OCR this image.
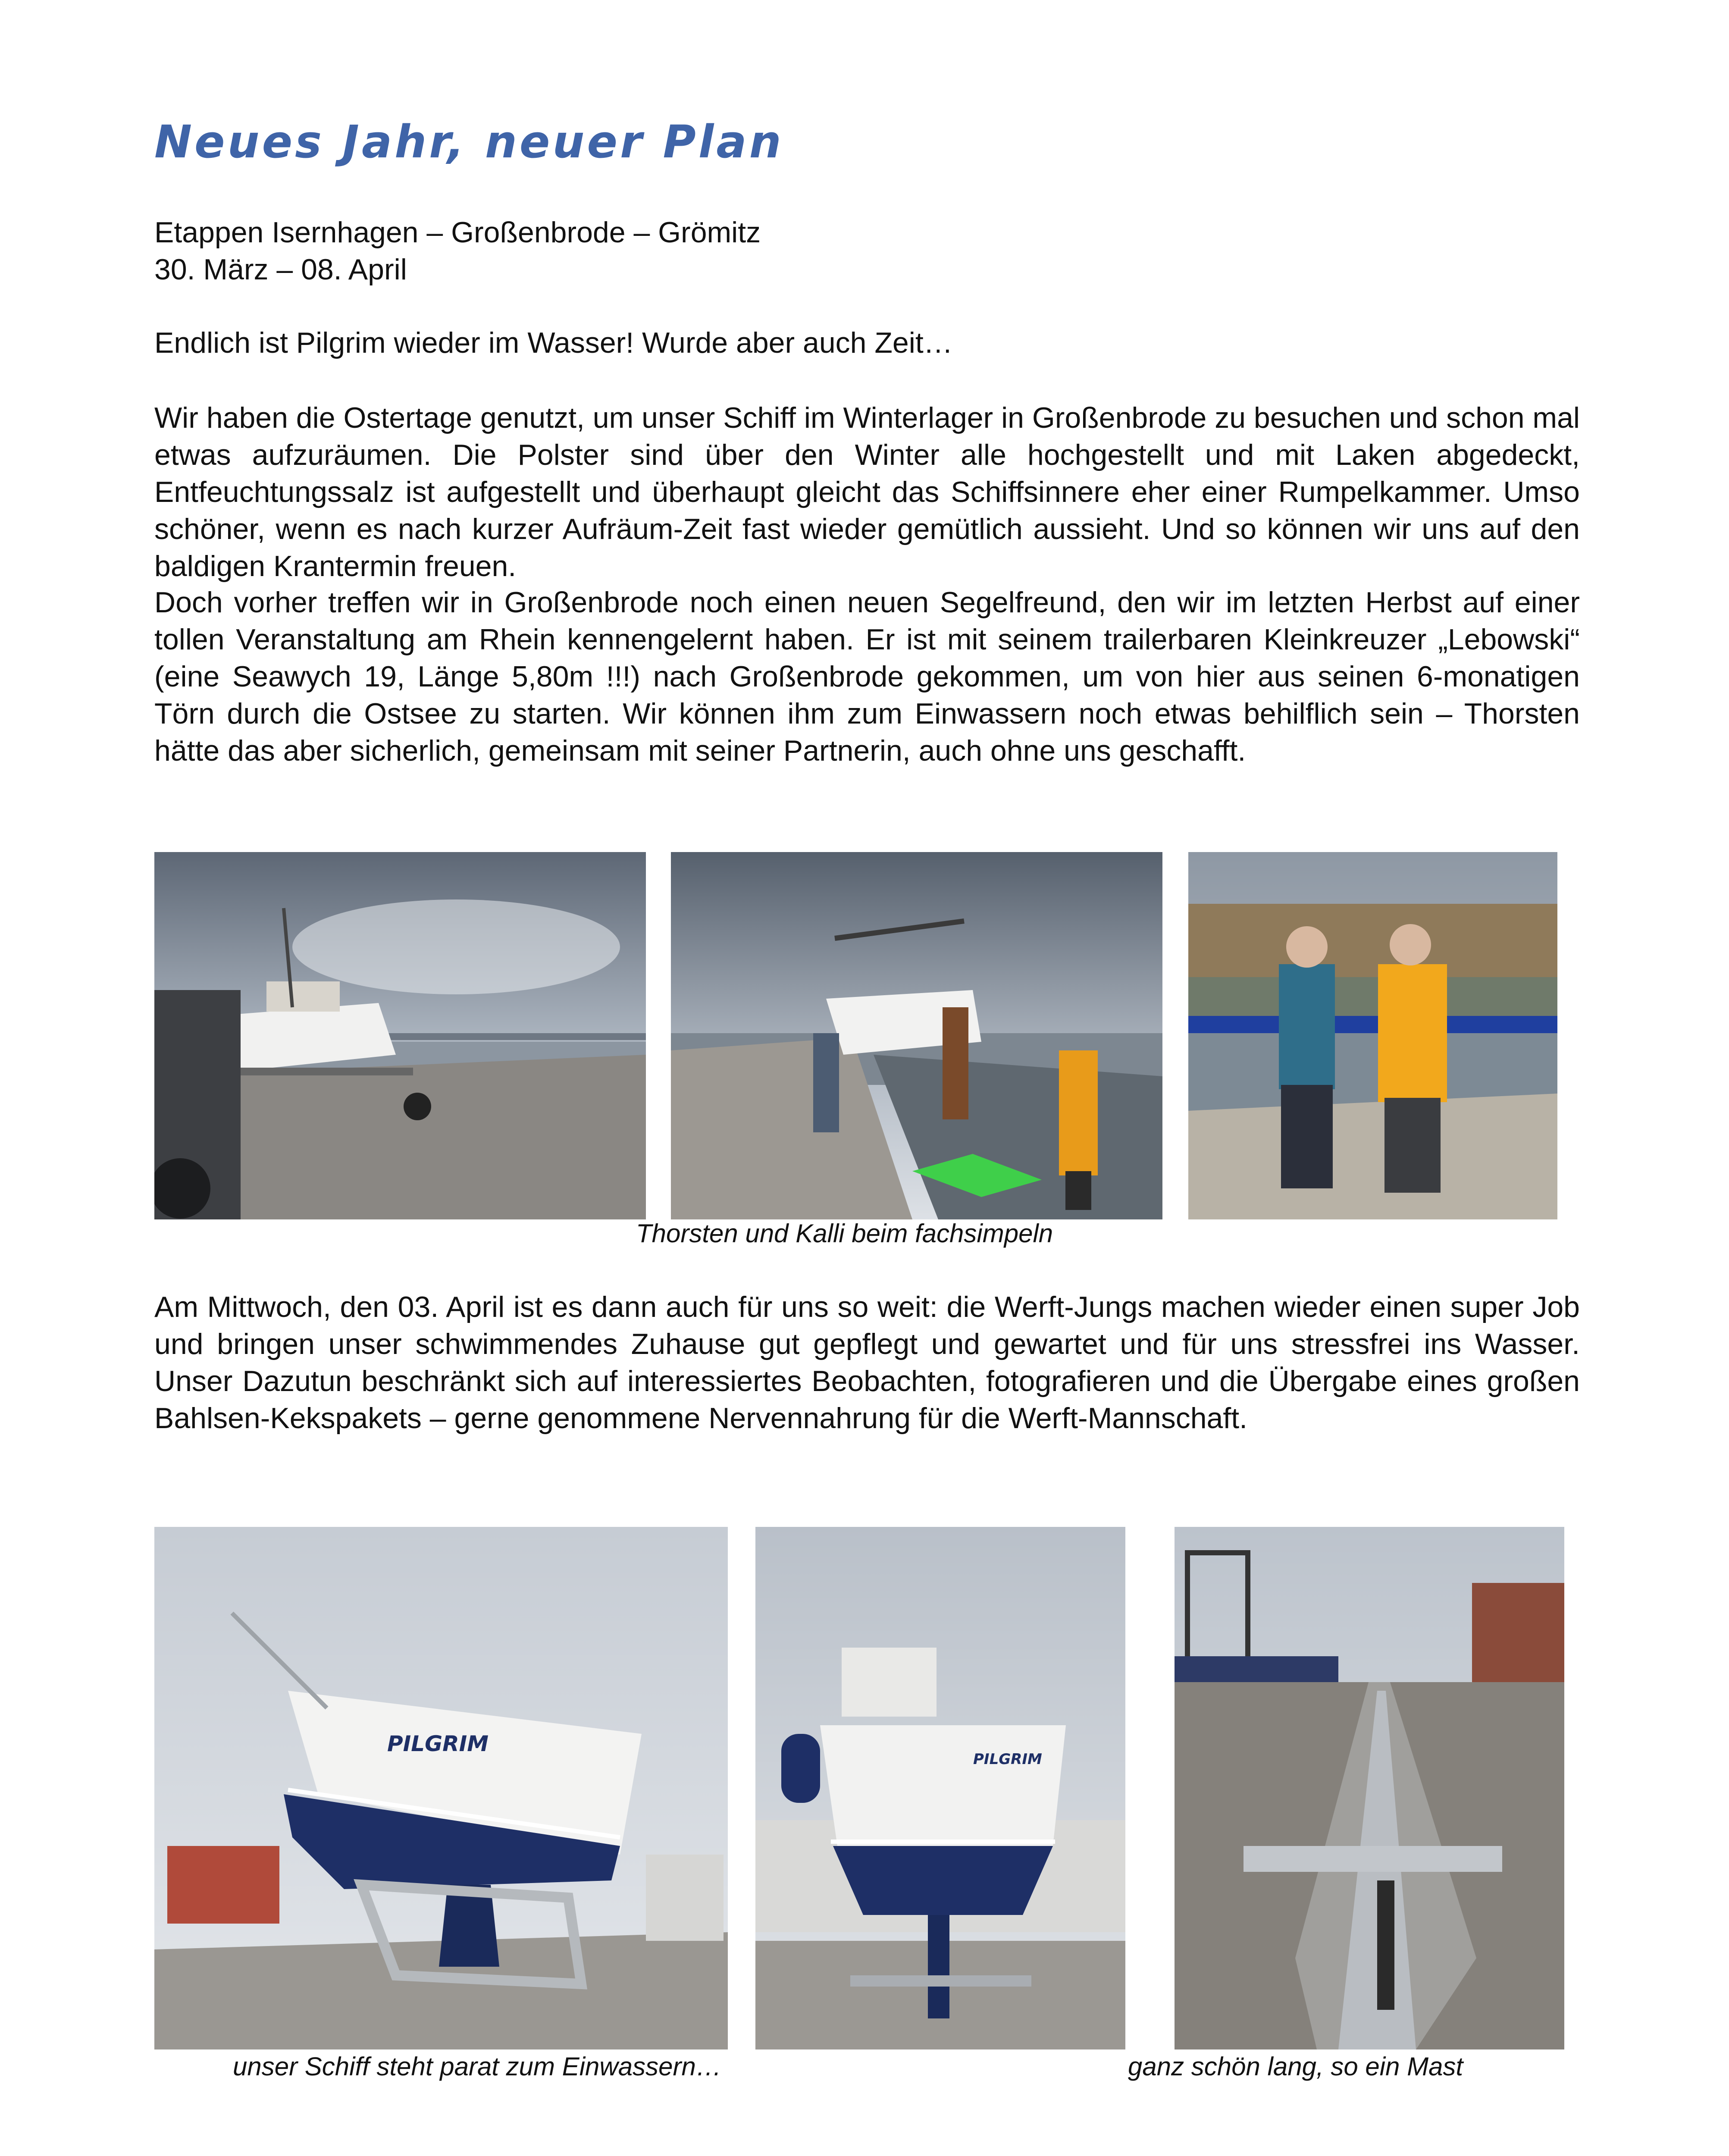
Neues Jahr, neuer Plan

Etappen Isernhagen – Großenbrode – Grömitz

30. März – 08. April

Endlich ist Pilgrim wieder im Wasser! Wurde aber auch Zeit…

Wir haben die Ostertage genutzt, um unser Schiff im Winterlager in Großenbrode zu besuchen und schon mal etwas aufzuräumen. Die Polster sind über den Winter alle hochgestellt und mit Laken abgedeckt, Entfeuchtungssalz ist aufgestellt und überhaupt gleicht das Schiffsinnere eher einer Rumpelkammer. Umso schöner, wenn es nach kurzer Aufräum-Zeit fast wieder gemütlich aussieht. Und so können wir uns auf den baldigen Krantermin freuen.

Doch vorher treffen wir in Großenbrode noch einen neuen Segelfreund, den wir im letzten Herbst auf einer tollen Veranstaltung am Rhein kennengelernt haben. Er ist mit seinem trailerbaren Kleinkreuzer „Lebowski“ (eine Seawych 19, Länge 5,80m !!!) nach Großenbrode gekommen, um von hier aus seinen 6-monatigen Törn durch die Ostsee zu starten. Wir können ihm zum Einwassern noch etwas behilflich sein – Thorsten hätte das aber sicherlich, gemeinsam mit seiner Partnerin, auch ohne uns geschafft.

Thorsten und Kalli beim fachsimpeln

Am Mittwoch, den 03. April ist es dann auch für uns so weit: die Werft-Jungs machen wieder einen super Job und bringen unser schwimmendes Zuhause gut gepflegt und gewartet und für uns stressfrei ins Wasser. Unser Dazutun beschränkt sich auf interessiertes Beobachten, fotografieren und die Übergabe eines großen Bahlsen-Kekspakets – gerne genommene Nervennahrung für die Werft-Mannschaft.

PILGRIM
PILGRIM
unser Schiff steht parat zum Einwassern…	ganz schön lang, so ein Mast
